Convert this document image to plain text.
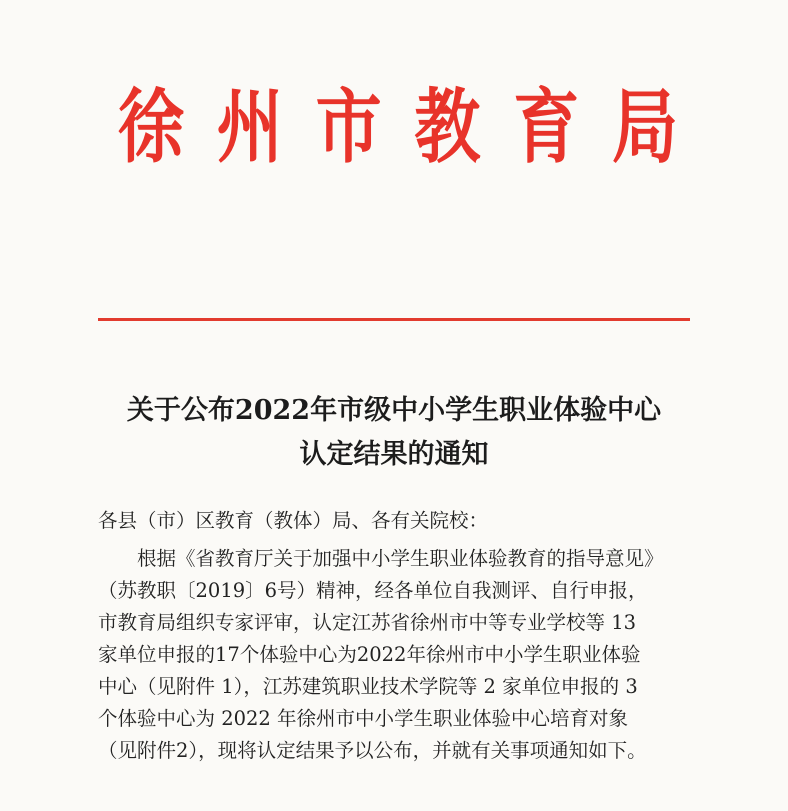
徐 州 市 教 育 局
关于公布2022年市级中小学生职业体验中心
认定结果的通知
各县（市）区教育（教体）局、各有关院校：
根据《省教育厅关于加强中小学生职业体验教育的指导意见》
（苏教职〔2019〕6号）精神，经各单位自我测评、自行申报，
市教育局组织专家评审，认定江苏省徐州市中等专业学校等 13
家单位申报的17个体验中心为2022年徐州市中小学生职业体验
中心（见附件 1），江苏建筑职业技术学院等 2 家单位申报的 3
个体验中心为 2022 年徐州市中小学生职业体验中心培育对象
（见附件2），现将认定结果予以公布，并就有关事项通知如下。
